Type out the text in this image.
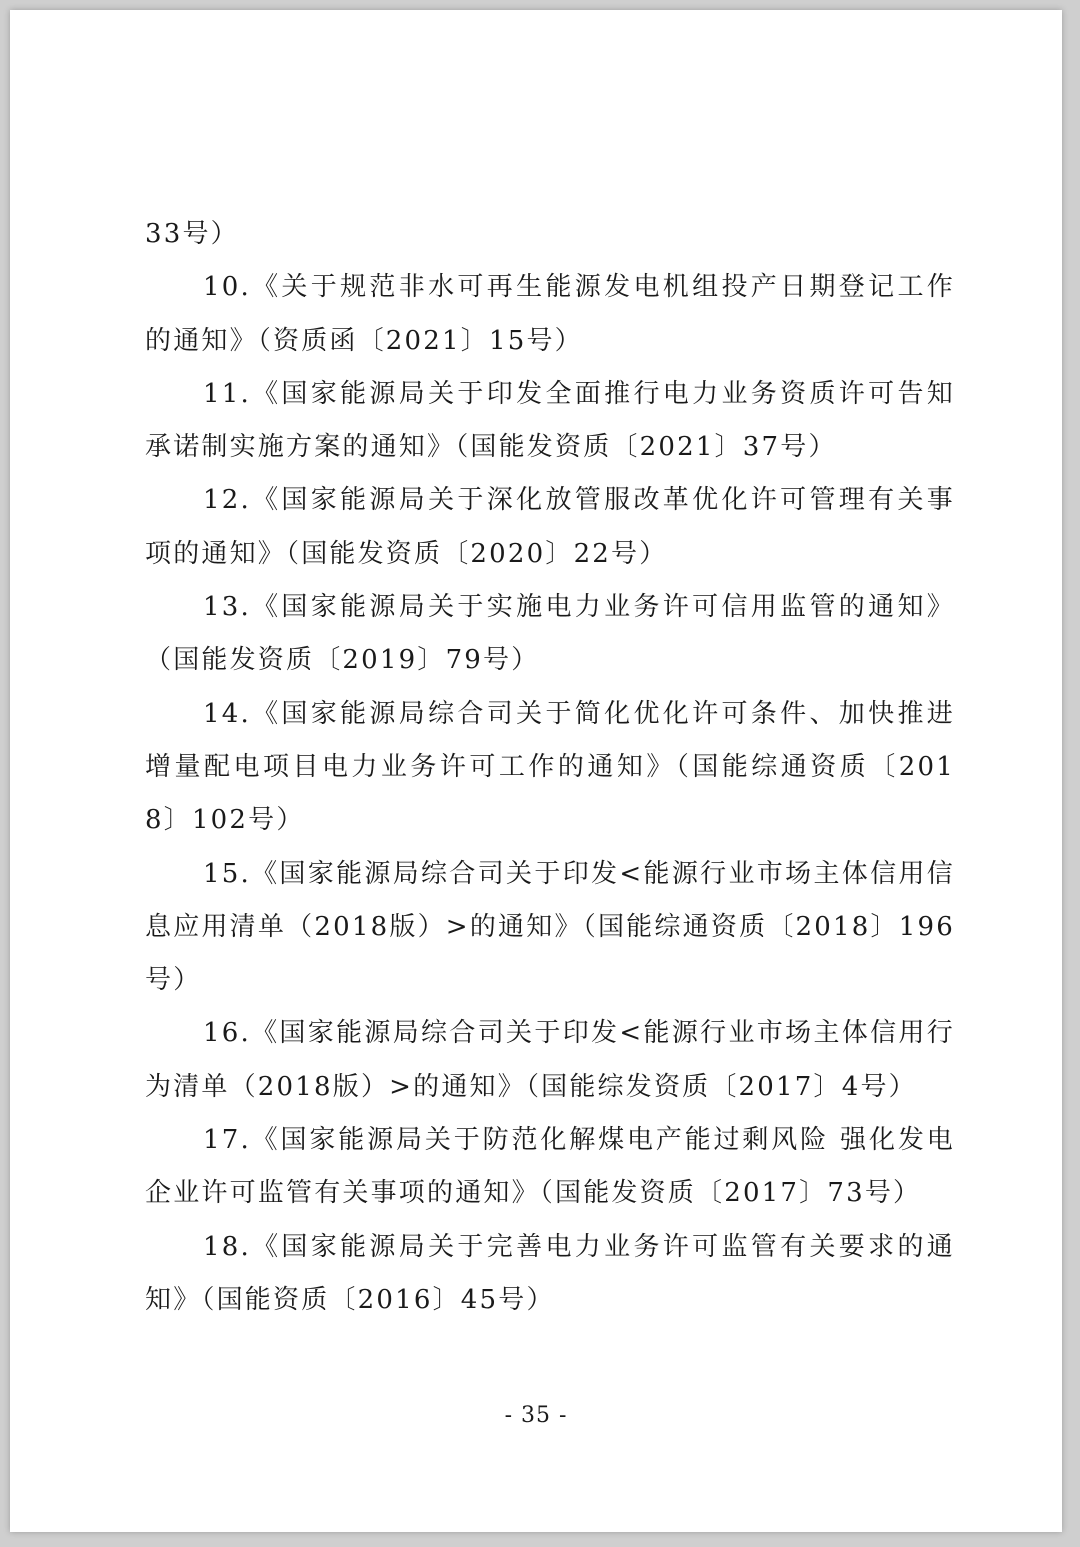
33号）

10.《关于规范非水可再生能源发电机组投产日期登记工作的通知》（资质函〔2021〕15号）

11.《国家能源局关于印发全面推行电力业务资质许可告知承诺制实施方案的通知》（国能发资质〔2021〕37号）

12.《国家能源局关于深化放管服改革优化许可管理有关事项的通知》（国能发资质〔2020〕22号）

13.《国家能源局关于实施电力业务许可信用监管的通知》（国能发资质〔2019〕79号）

14.《国家能源局综合司关于简化优化许可条件、加快推进增量配电项目电力业务许可工作的通知》（国能综通资质〔2018〕102号）

15.《国家能源局综合司关于印发<能源行业市场主体信用信息应用清单（2018版）>的通知》（国能综通资质〔2018〕196号）

16.《国家能源局综合司关于印发<能源行业市场主体信用行为清单（2018版）>的通知》（国能综发资质〔2017〕4号）

17.《国家能源局关于防范化解煤电产能过剩风险 强化发电企业许可监管有关事项的通知》（国能发资质〔2017〕73号）

18.《国家能源局关于完善电力业务许可监管有关要求的通知》（国能资质〔2016〕45号）

- 35 -
